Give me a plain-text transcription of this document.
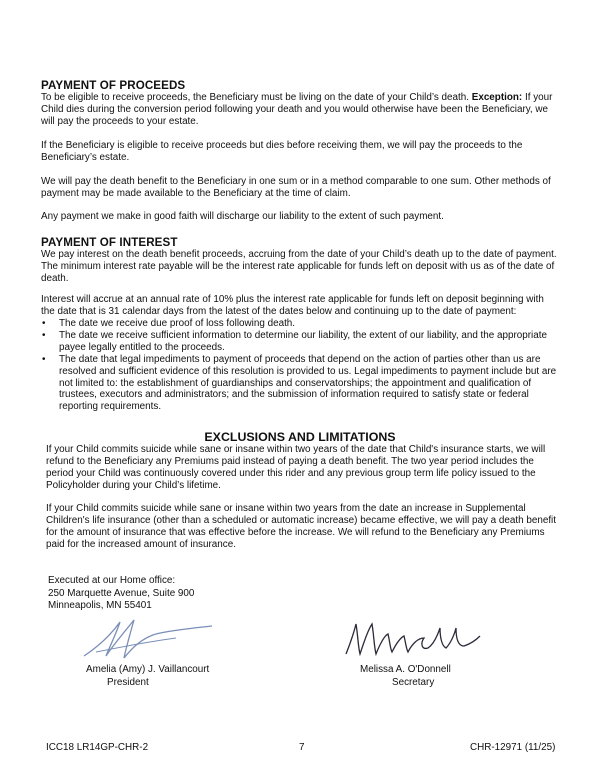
PAYMENT OF PROCEEDS

To be eligible to receive proceeds, the Beneficiary must be living on the date of your Child’s death. Exception: If your Child dies during the conversion period following your death and you would otherwise have been the Beneficiary, we will pay the proceeds to your estate.

If the Beneficiary is eligible to receive proceeds but dies before receiving them, we will pay the proceeds to the Beneficiary’s estate.

We will pay the death benefit to the Beneficiary in one sum or in a method comparable to one sum. Other methods of payment may be made available to the Beneficiary at the time of claim.

Any payment we make in good faith will discharge our liability to the extent of such payment.

PAYMENT OF INTEREST

We pay interest on the death benefit proceeds, accruing from the date of your Child’s death up to the date of payment. The minimum interest rate payable will be the interest rate applicable for funds left on deposit with us as of the date of death.

Interest will accrue at an annual rate of 10% plus the interest rate applicable for funds left on deposit beginning with the date that is 31 calendar days from the latest of the dates below and continuing up to the date of payment:

• The date we receive due proof of loss following death.
• The date we receive sufficient information to determine our liability, the extent of our liability, and the appropriate payee legally entitled to the proceeds.
• The date that legal impediments to payment of proceeds that depend on the action of parties other than us are resolved and sufficient evidence of this resolution is provided to us. Legal impediments to payment include but are not limited to: the establishment of guardianships and conservatorships; the appointment and qualification of trustees, executors and administrators; and the submission of information required to satisfy state or federal reporting requirements.
EXCLUSIONS AND LIMITATIONS

If your Child commits suicide while sane or insane within two years of the date that Child's insurance starts, we will refund to the Beneficiary any Premiums paid instead of paying a death benefit. The two year period includes the period your Child was continuously covered under this rider and any previous group term life policy issued to the Policyholder during your Child’s lifetime.

If your Child commits suicide while sane or insane within two years from the date an increase in Supplemental Children's life insurance (other than a scheduled or automatic increase) became effective, we will pay a death benefit for the amount of insurance that was effective before the increase. We will refund to the Beneficiary any Premiums paid for the increased amount of insurance.

Executed at our Home office:
250 Marquette Avenue, Suite 900
Minneapolis, MN 55401
Amelia (Amy) J. Vaillancourt
President
Melissa A. O'Donnell
Secretary
ICC18 LR14GP-CHR-2	7	CHR-12971 (11/25)
